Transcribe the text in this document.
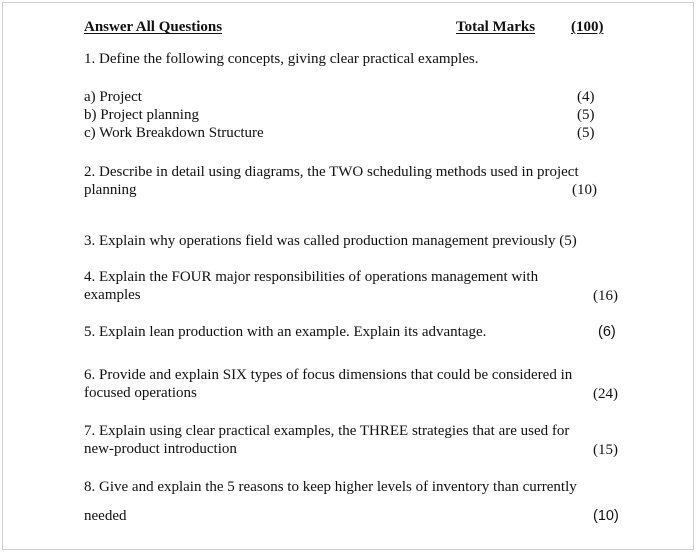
Answer All Questions	Total Marks (100)
1. Define the following concepts, giving clear practical examples.
a) Project	(4)
b) Project planning	(5)
c) Work Breakdown Structure	(5)
2. Describe in detail using diagrams, the TWO scheduling methods used in project
planning	(10)
3. Explain why operations field was called production management previously (5)
4. Explain the FOUR major responsibilities of operations management with
examples	(16)
5. Explain lean production with an example. Explain its advantage.	(6)
6. Provide and explain SIX types of focus dimensions that could be considered in
focused operations	(24)
7. Explain using clear practical examples, the THREE strategies that are used for
new-product introduction	(15)
8. Give and explain the 5 reasons to keep higher levels of inventory than currently
needed	(10)
